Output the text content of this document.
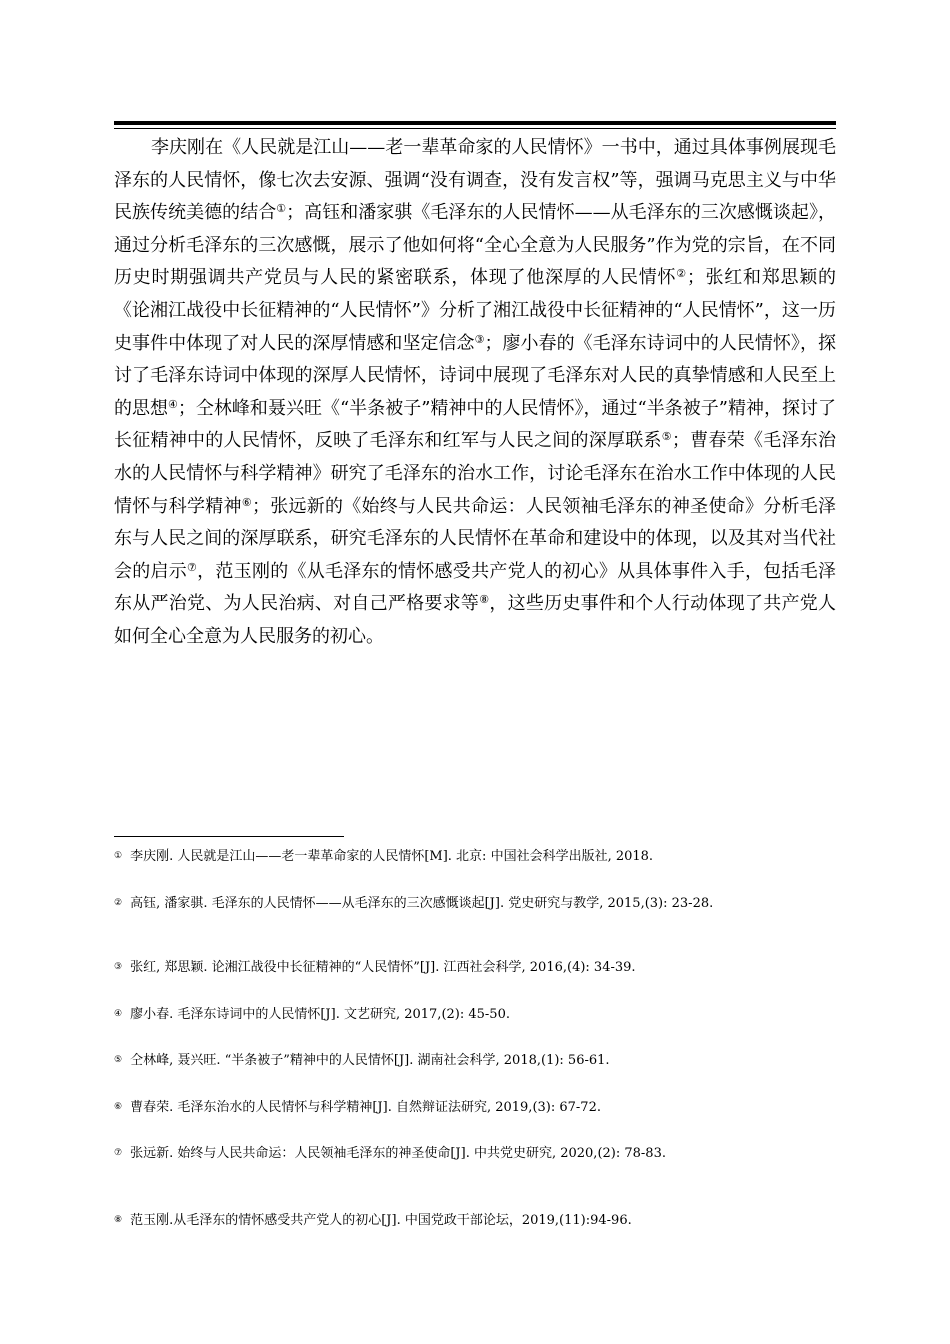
李庆刚在《人民就是江山——老一辈革命家的人民情怀》一书中，通过具体事例展现毛泽东的人民情怀，像七次去安源、强调“没有调查，没有发言权”等，强调马克思主义与中华民族传统美德的结合①；高钰和潘家骐《毛泽东的人民情怀——从毛泽东的三次感慨谈起》，通过分析毛泽东的三次感慨，展示了他如何将“全心全意为人民服务”作为党的宗旨，在不同历史时期强调共产党员与人民的紧密联系，体现了他深厚的人民情怀②；张红和郑思颖的《论湘江战役中长征精神的“人民情怀”》分析了湘江战役中长征精神的“人民情怀”，这一历史事件中体现了对人民的深厚情感和坚定信念③；廖小春的《毛泽东诗词中的人民情怀》，探讨了毛泽东诗词中体现的深厚人民情怀，诗词中展现了毛泽东对人民的真挚情感和人民至上的思想④；仝林峰和聂兴旺《“半条被子”精神中的人民情怀》，通过“半条被子”精神，探讨了长征精神中的人民情怀，反映了毛泽东和红军与人民之间的深厚联系⑤；曹春荣《毛泽东治水的人民情怀与科学精神》研究了毛泽东的治水工作，讨论毛泽东在治水工作中体现的人民情怀与科学精神⑥；张远新的《始终与人民共命运：人民领袖毛泽东的神圣使命》分析毛泽东与人民之间的深厚联系，研究毛泽东的人民情怀在革命和建设中的体现，以及其对当代社会的启示⑦，范玉刚的《从毛泽东的情怀感受共产党人的初心》从具体事件入手，包括毛泽东从严治党、为人民治病、对自己严格要求等⑧，这些历史事件和个人行动体现了共产党人如何全心全意为人民服务的初心。

① 李庆刚. 人民就是江山——老一辈革命家的人民情怀[M]. 北京: 中国社会科学出版社, 2018.

② 高钰, 潘家骐. 毛泽东的人民情怀——从毛泽东的三次感慨谈起[J]. 党史研究与教学, 2015,(3): 23-28.

③ 张红, 郑思颖. 论湘江战役中长征精神的“人民情怀”[J]. 江西社会科学, 2016,(4): 34-39.

④ 廖小春. 毛泽东诗词中的人民情怀[J]. 文艺研究, 2017,(2): 45-50.

⑤ 仝林峰, 聂兴旺. “半条被子”精神中的人民情怀[J]. 湖南社会科学, 2018,(1): 56-61.

⑥ 曹春荣. 毛泽东治水的人民情怀与科学精神[J]. 自然辩证法研究, 2019,(3): 67-72.

⑦ 张远新. 始终与人民共命运：人民领袖毛泽东的神圣使命[J]. 中共党史研究, 2020,(2): 78-83.

⑧ 范玉刚.从毛泽东的情怀感受共产党人的初心[J]. 中国党政干部论坛，2019,(11):94-96.
